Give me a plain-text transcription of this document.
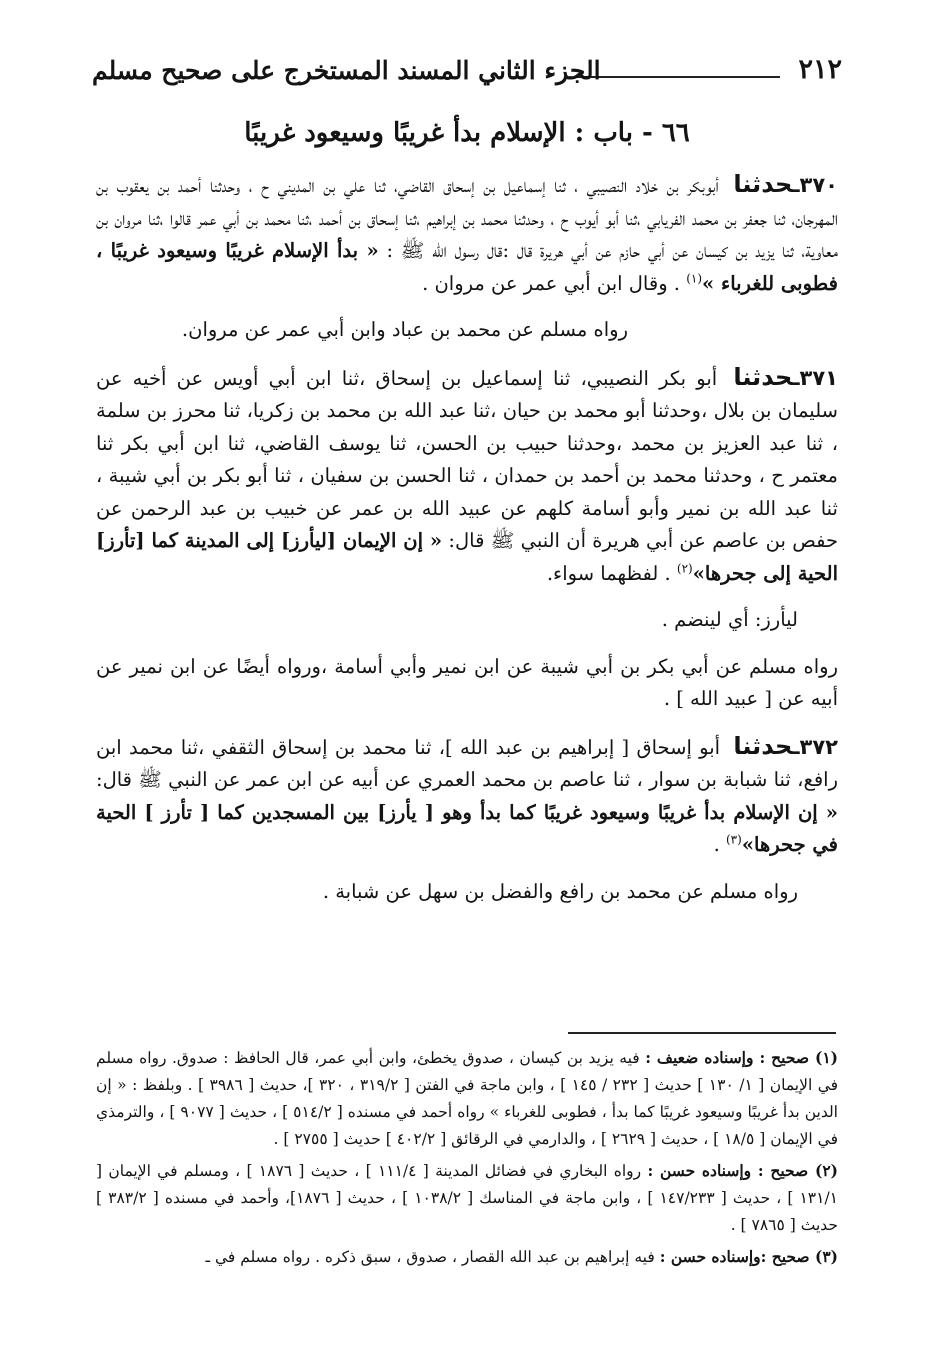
٢١٢
الجزء الثاني المسند المستخرج على صحيح مسلم
٦٦ - باب : الإسلام بدأ غريبًا وسيعود غريبًا

٣٧٠ـحدثنا أبوبكر بن خلاد النصيبي ، ثنا إسماعيل بن إسحاق القاضي، ثنا علي بن المديني ح ، وحدثنا أحمد بن يعقوب بن المهرجان، ثنا جعفر بن محمد الفريابي ،ثنا أبو أيوب ح ، وحدثنا محمد بن إبراهيم ،ثنا إسحاق بن أحمد ،ثنا محمد بن أبي عمر قالوا ،ثنا مروان بن معاوية، ثنا يزيد بن كيسان عن أبي حازم عن أبي هريرة قال :قال رسول الله ﷺ : « بدأ الإسلام غريبًا وسيعود غريبًا ، فطوبى للغرباء »$^{(١)}$ . وقال ابن أبي عمر عن مروان .

رواه مسلم عن محمد بن عباد وابن أبي عمر عن مروان.

٣٧١ـحدثنا أبو بكر النصيبي، ثنا إسماعيل بن إسحاق ،ثنا ابن أبي أويس عن أخيه عن سليمان بن بلال ،وحدثنا أبو محمد بن حيان ،ثنا عبد الله بن محمد بن زكريا، ثنا محرز بن سلمة ، ثنا عبد العزيز بن محمد ،وحدثنا حبيب بن الحسن، ثنا يوسف القاضي، ثنا ابن أبي بكر ثنا معتمر ح ، وحدثنا محمد بن أحمد بن حمدان ، ثنا الحسن بن سفيان ، ثنا أبو بكر بن أبي شيبة ، ثنا عبد الله بن نمير وأبو أسامة كلهم عن عبيد الله بن عمر عن خبيب بن عبد الرحمن عن حفص بن عاصم عن أبي هريرة أن النبي ﷺ قال: « إن الإيمان [ليأرز] إلى المدينة كما [تأرز] الحية إلى جحرها»$^{(٢)}$ . لفظهما سواء.

ليأرز: أي لينضم .

رواه مسلم عن أبي بكر بن أبي شيبة عن ابن نمير وأبي أسامة ،ورواه أيضًا عن ابن نمير عن أبيه عن [ عبيد الله ] .

٣٧٢ـحدثنا أبو إسحاق [ إبراهيم بن عبد الله ]، ثنا محمد بن إسحاق الثقفي ،ثنا محمد ابن رافع، ثنا شبابة بن سوار ، ثنا عاصم بن محمد العمري عن أبيه عن ابن عمر عن النبي ﷺ قال: « إن الإسلام بدأ غريبًا وسيعود غريبًا كما بدأ وهو [ يأرز] بين المسجدين كما [ تأرز ] الحية في جحرها»$^{(٣)}$ .

رواه مسلم عن محمد بن رافع والفضل بن سهل عن شبابة .

(١) صحيح : وإسناده ضعيف : فيه يزيد بن كيسان ، صدوق يخطئ، وابن أبي عمر، قال الحافظ : صدوق. رواه مسلم في الإيمان [ ١/ ١٣٠ ] حديث [ ٢٣٢ / ١٤٥ ] ، وابن ماجة في الفتن [ ٣١٩/٢ ، ٣٢٠ ]، حديث [ ٣٩٨٦ ] . وبلفظ : « إن الدين بدأ غريبًا وسيعود غريبًا كما بدأ ، فطوبى للغرباء » رواه أحمد في مسنده [ ٥١٤/٢ ] ، حديث [ ٩٠٧٧ ] ، والترمذي في الإيمان [ ١٨/٥ ] ، حديث [ ٢٦٢٩ ] ، والدارمي في الرقائق [ ٤٠٢/٢ ] حديث [ ٢٧٥٥ ] .

(٢) صحيح : وإسناده حسن : رواه البخاري في فضائل المدينة [ ١١١/٤ ] ، حديث [ ١٨٧٦ ] ، ومسلم في الإيمان [ ١٣١/١ ] ، حديث [ ١٤٧/٢٣٣ ] ، وابن ماجة في المناسك [ ١٠٣٨/٢ ] ، حديث [ ١٨٧٦]، وأحمد في مسنده [ ٣٨٣/٢ ] حديث [ ٧٨٦٥ ] .

(٣) صحيح :وإسناده حسن : فيه إبراهيم بن عبد الله القصار ، صدوق ، سبق ذكره . رواه مسلم في ـ
